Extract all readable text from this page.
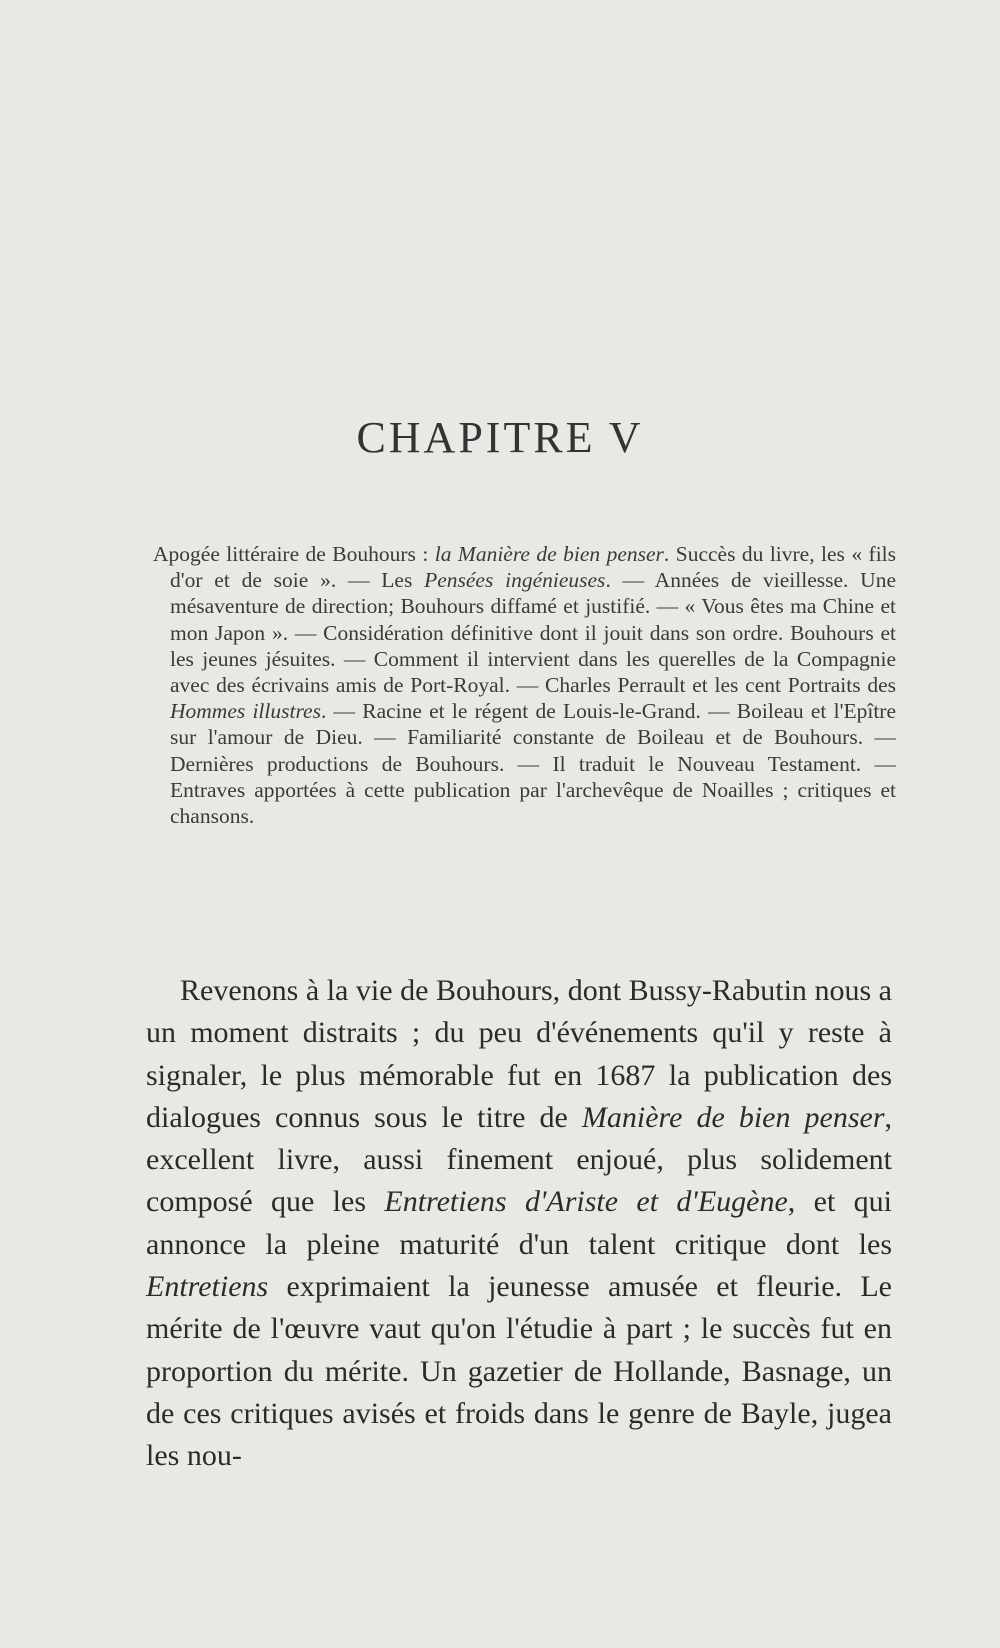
CHAPITRE V
Apogée littéraire de Bouhours : la Manière de bien penser. Succès du livre, les « fils d'or et de soie ». — Les Pensées ingénieuses. — Années de vieillesse. Une mésaventure de direction; Bouhours diffamé et justifié. — « Vous êtes ma Chine et mon Japon ». — Considération définitive dont il jouit dans son ordre. Bouhours et les jeunes jésuites. — Comment il intervient dans les querelles de la Compagnie avec des écrivains amis de Port-Royal. — Charles Perrault et les cent Portraits des Hommes illustres. — Racine et le régent de Louis-le-Grand. — Boileau et l'Epître sur l'amour de Dieu. — Familiarité constante de Boileau et de Bouhours. — Dernières productions de Bouhours. — Il traduit le Nouveau Testament. — Entraves apportées à cette publication par l'archevêque de Noailles ; critiques et chansons.
Revenons à la vie de Bouhours, dont Bussy-Rabutin nous a un moment distraits ; du peu d'événements qu'il y reste à signaler, le plus mémorable fut en 1687 la publication des dialogues connus sous le titre de Manière de bien penser, excellent livre, aussi finement enjoué, plus solidement composé que les Entretiens d'Ariste et d'Eugène, et qui annonce la pleine maturité d'un talent critique dont les Entretiens exprimaient la jeunesse amusée et fleurie. Le mérite de l'œuvre vaut qu'on l'étudie à part ; le succès fut en proportion du mérite. Un gazetier de Hollande, Basnage, un de ces critiques avisés et froids dans le genre de Bayle, jugea les nou-
